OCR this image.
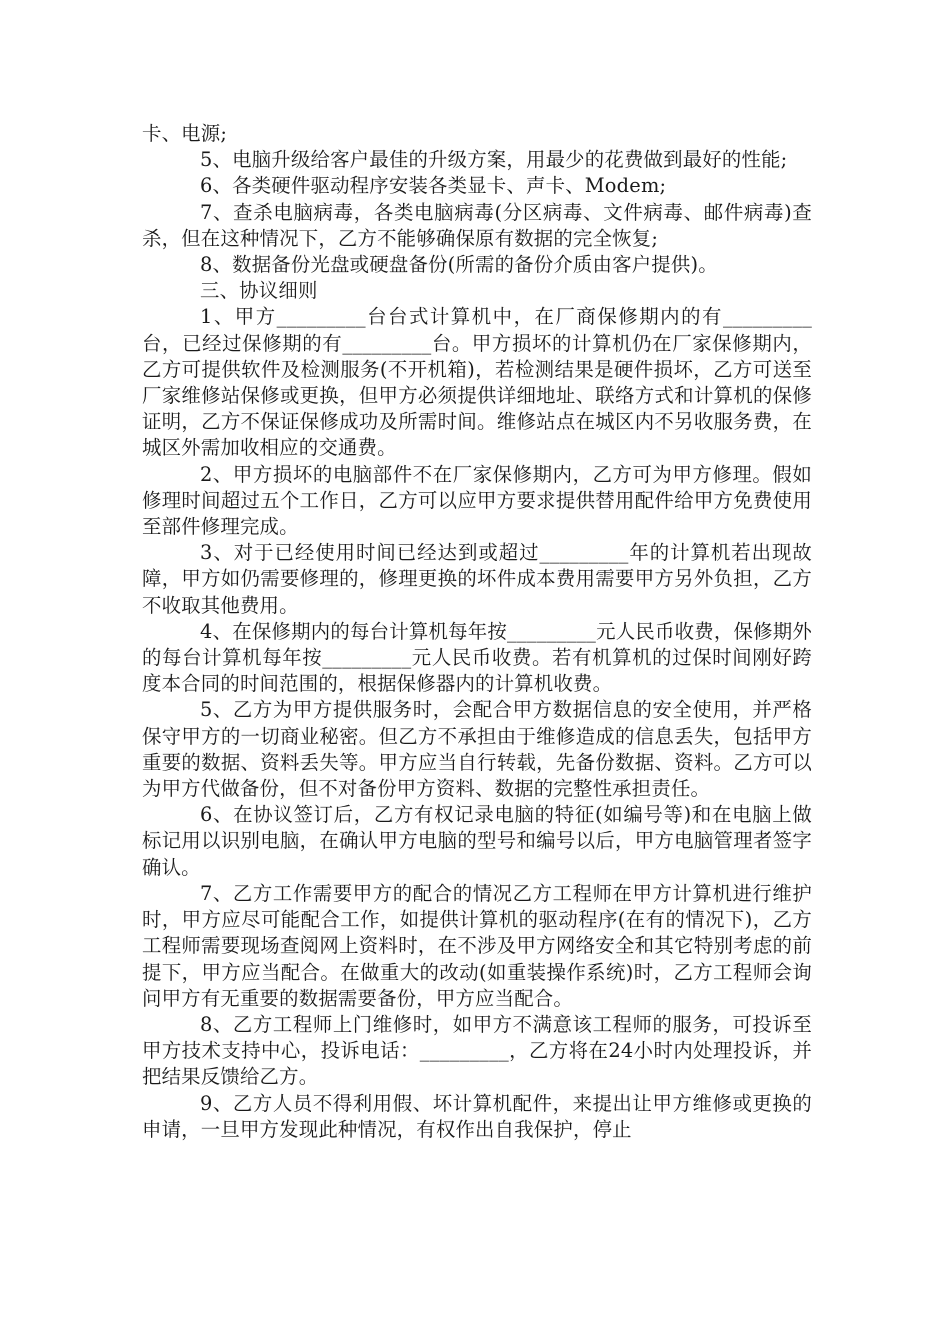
卡、电源;

5、电脑升级给客户最佳的升级方案，用最少的花费做到最好的性能;

6、各类硬件驱动程序安装各类显卡、声卡、Modem;

7、查杀电脑病毒，各类电脑病毒(分区病毒、文件病毒、邮件病毒)查杀，但在这种情况下，乙方不能够确保原有数据的完全恢复;

8、数据备份光盘或硬盘备份(所需的备份介质由客户提供)。

三、协议细则

1、甲方_________台台式计算机中，在厂商保修期内的有_________台，已经过保修期的有_________台。甲方损坏的计算机仍在厂家保修期内，乙方可提供软件及检测服务(不开机箱)，若检测结果是硬件损坏，乙方可送至厂家维修站保修或更换，但甲方必须提供详细地址、联络方式和计算机的保修证明，乙方不保证保修成功及所需时间。维修站点在城区内不另收服务费，在城区外需加收相应的交通费。

2、甲方损坏的电脑部件不在厂家保修期内，乙方可为甲方修理。假如修理时间超过五个工作日，乙方可以应甲方要求提供替用配件给甲方免费使用至部件修理完成。

3、对于已经使用时间已经达到或超过_________年的计算机若出现故障，甲方如仍需要修理的，修理更换的坏件成本费用需要甲方另外负担，乙方不收取其他费用。

4、在保修期内的每台计算机每年按_________元人民币收费，保修期外的每台计算机每年按_________元人民币收费。若有机算机的过保时间刚好跨度本合同的时间范围的，根据保修器内的计算机收费。

5、乙方为甲方提供服务时，会配合甲方数据信息的安全使用，并严格保守甲方的一切商业秘密。但乙方不承担由于维修造成的信息丢失，包括甲方重要的数据、资料丢失等。甲方应当自行转载，先备份数据、资料。乙方可以为甲方代做备份，但不对备份甲方资料、数据的完整性承担责任。

6、在协议签订后，乙方有权记录电脑的特征(如编号等)和在电脑上做标记用以识别电脑，在确认甲方电脑的型号和编号以后，甲方电脑管理者签字确认。

7、乙方工作需要甲方的配合的情况乙方工程师在甲方计算机进行维护时，甲方应尽可能配合工作，如提供计算机的驱动程序(在有的情况下)，乙方工程师需要现场查阅网上资料时，在不涉及甲方网络安全和其它特别考虑的前提下，甲方应当配合。在做重大的改动(如重装操作系统)时，乙方工程师会询问甲方有无重要的数据需要备份，甲方应当配合。

8、乙方工程师上门维修时，如甲方不满意该工程师的服务，可投诉至甲方技术支持中心，投诉电话：_________，乙方将在24小时内处理投诉，并把结果反馈给乙方。

9、乙方人员不得利用假、坏计算机配件，来提出让甲方维修或更换的申请，一旦甲方发现此种情况，有权作出自我保护，停止
